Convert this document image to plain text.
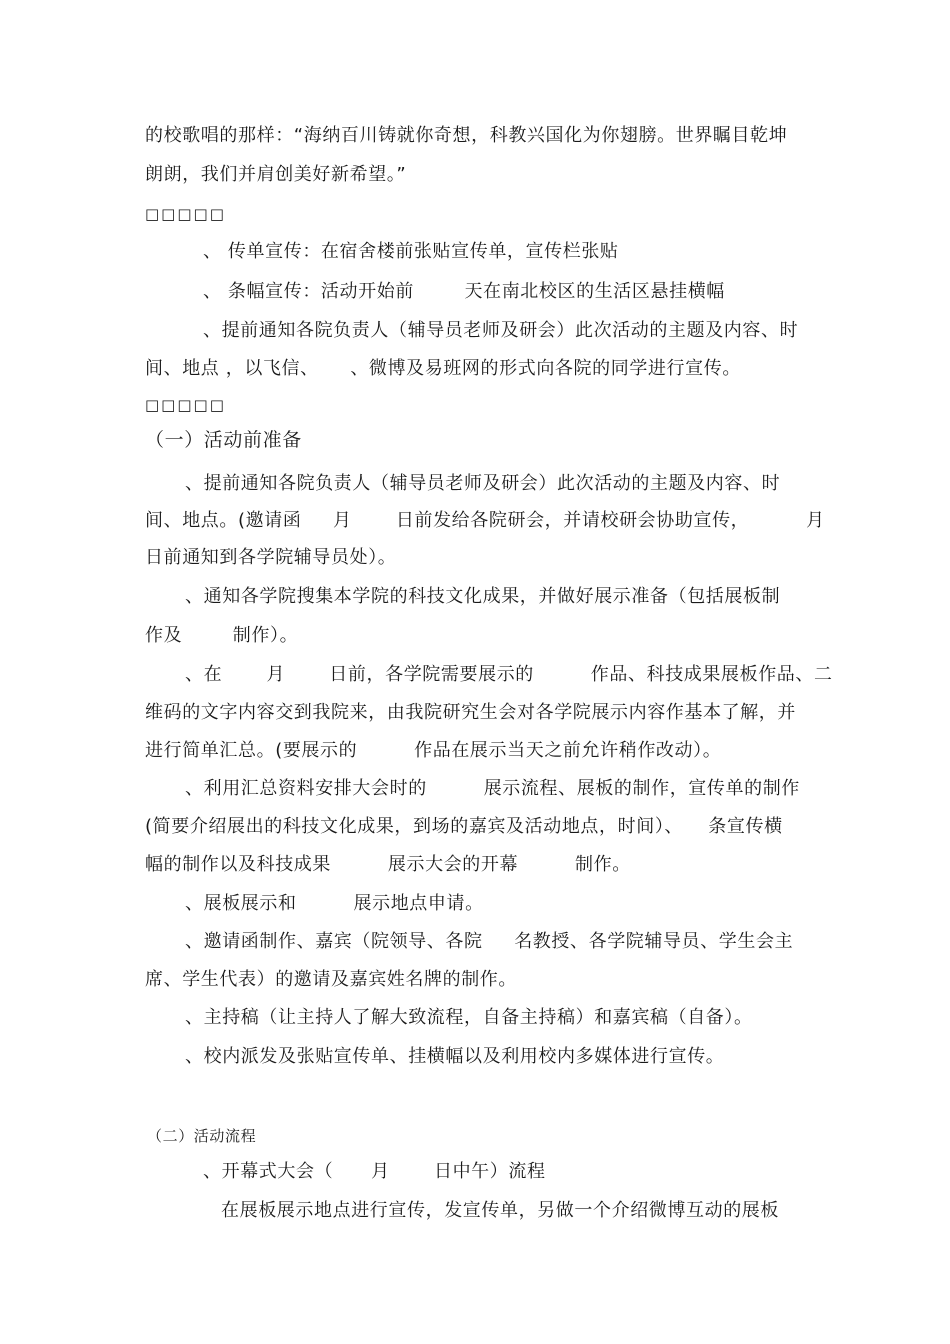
的校歌唱的那样：“海纳百川铸就你奇想，科教兴国化为你翅膀。世界瞩目乾坤
朗朗，我们并肩创美好新希望。”
□□□□□
、 传单宣传：在宿舍楼前张贴宣传单，宣传栏张贴
、 条幅宣传：活动开始前        天在南北校区的生活区悬挂横幅
、提前通知各院负责人（辅导员老师及研会）此次活动的主题及内容、时
间、地点 ，以飞信、     、微博及易班网的形式向各院的同学进行宣传。
□□□□□
（一）活动前准备
、提前通知各院负责人（辅导员老师及研会）此次活动的主题及内容、时
间、地点。(邀请函     月       日前发给各院研会，并请校研会协助宣传，         月
日前通知到各学院辅导员处）。
、通知各学院搜集本学院的科技文化成果，并做好展示准备（包括展板制
作及        制作）。
、在       月       日前，各学院需要展示的         作品、科技成果展板作品、二
维码的文字内容交到我院来，由我院研究生会对各学院展示内容作基本了解，并
进行简单汇总。(要展示的         作品在展示当天之前允许稍作改动）。
、利用汇总资料安排大会时的         展示流程、展板的制作，宣传单的制作
(简要介绍展出的科技文化成果，到场的嘉宾及活动地点，时间）、    条宣传横
幅的制作以及科技成果         展示大会的开幕         制作。
、展板展示和         展示地点申请。
、邀请函制作、嘉宾（院领导、各院     名教授、各学院辅导员、学生会主
席、学生代表）的邀请及嘉宾姓名牌的制作。
、主持稿（让主持人了解大致流程，自备主持稿）和嘉宾稿（自备）。
、校内派发及张贴宣传单、挂横幅以及利用校内多媒体进行宣传。
（二）活动流程
、开幕式大会（      月       日中午）流程
在展板展示地点进行宣传，发宣传单，另做一个介绍微博互动的展板
